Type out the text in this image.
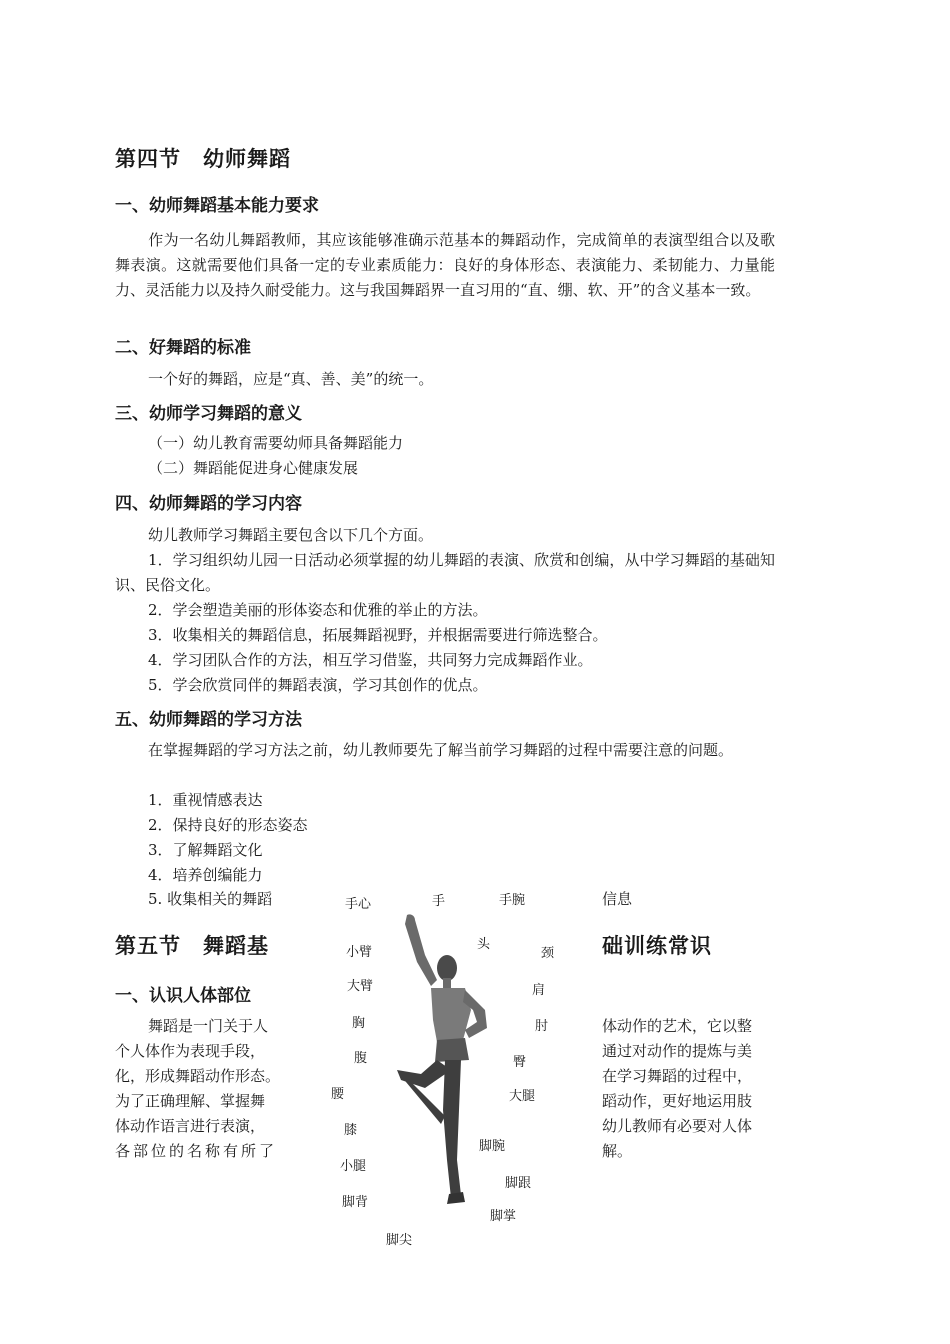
第四节　幼师舞蹈
一、幼师舞蹈基本能力要求
作为一名幼儿舞蹈教师，其应该能够准确示范基本的舞蹈动作，完成简单的表演型组合以及歌舞表演。这就需要他们具备一定的专业素质能力：良好的身体形态、表演能力、柔韧能力、力量能力、灵活能力以及持久耐受能力。这与我国舞蹈界一直习用的“直、绷、软、开”的含义基本一致。
二、好舞蹈的标准
一个好的舞蹈，应是“真、善、美”的统一。
三、幼师学习舞蹈的意义
（一）幼儿教育需要幼师具备舞蹈能力
（二）舞蹈能促进身心健康发展
四、幼师舞蹈的学习内容
幼儿教师学习舞蹈主要包含以下几个方面。
1．学习组织幼儿园一日活动必须掌握的幼儿舞蹈的表演、欣赏和创编，从中学习舞蹈的基础知识、民俗文化。
2．学会塑造美丽的形体姿态和优雅的举止的方法。
3．收集相关的舞蹈信息，拓展舞蹈视野，并根据需要进行筛选整合。
4．学习团队合作的方法，相互学习借鉴，共同努力完成舞蹈作业。
5．学会欣赏同伴的舞蹈表演，学习其创作的优点。
五、幼师舞蹈的学习方法
在掌握舞蹈的学习方法之前，幼儿教师要先了解当前学习舞蹈的过程中需要注意的问题。
1．重视情感表达
2．保持良好的形态姿态
3．了解舞蹈文化
4．培养创编能力
5. 收集相关的舞蹈	信息
第五节　舞蹈基	础训练常识
一、认识人体部位
舞蹈是一门关于人
个人体作为表现手段，
化，形成舞蹈动作形态。
为了正确理解、掌握舞
体动作语言进行表演，
各部位的名称有所了
体动作的艺术，它以整
通过对动作的提炼与美
在学习舞蹈的过程中，
蹈动作，更好地运用肢
幼儿教师有必要对人体
解。
手心	手	手腕
头
颈
小臂
大臂	肩
胸	肘
腹	臀
腰	大腿
膝
脚腕
小腿
脚跟
脚背
脚掌
脚尖
